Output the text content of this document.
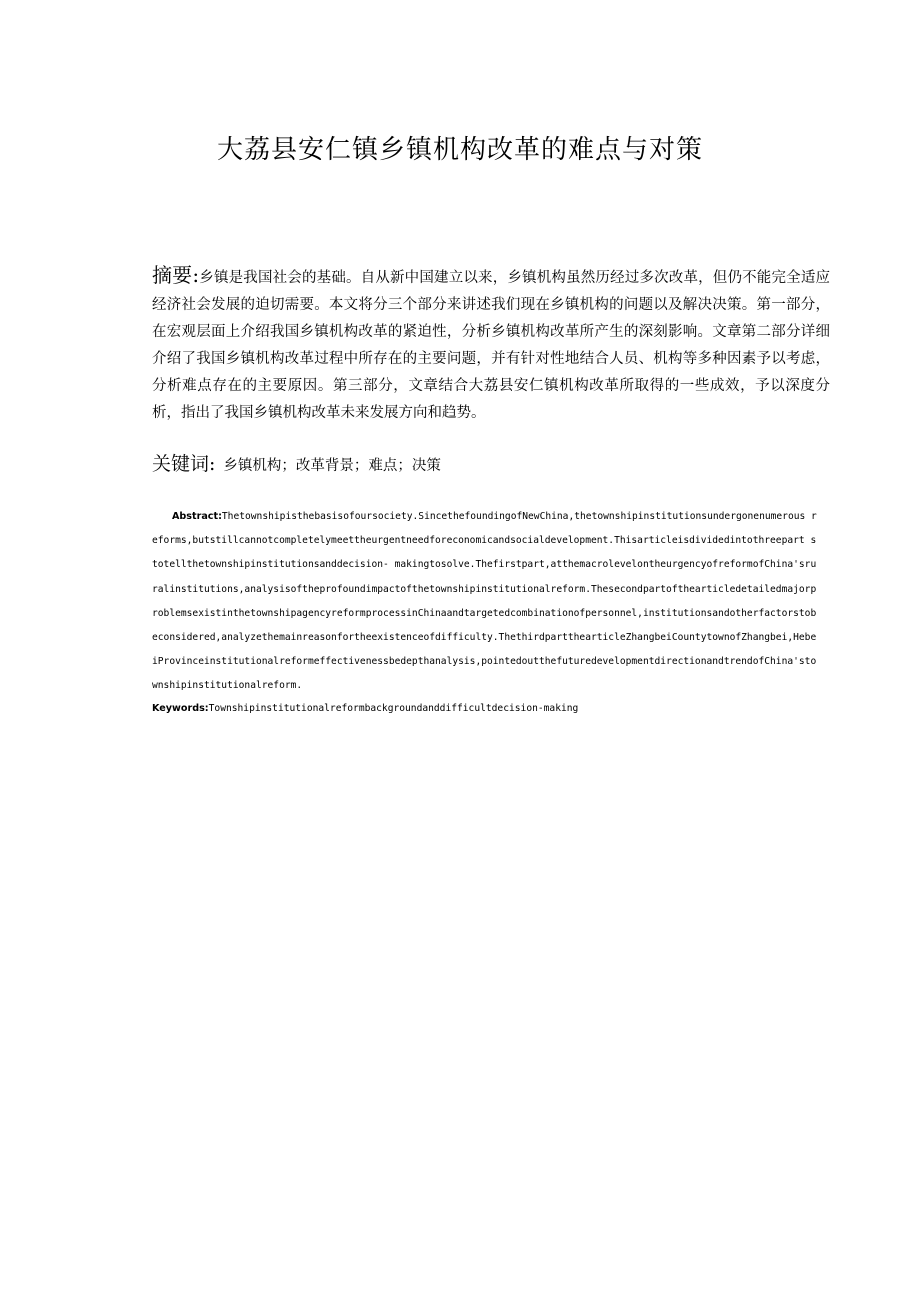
大荔县安仁镇乡镇机构改革的难点与对策

摘要:乡镇是我国社会的基础。自从新中国建立以来，乡镇机构虽然历经过多次改革，但仍不能完全适应经济社会发展的迫切需要。本文将分三个部分来讲述我们现在乡镇机构的问题以及解决决策。第一部分，在宏观层面上介绍我国乡镇机构改革的紧迫性，分析乡镇机构改革所产生的深刻影响。文章第二部分详细介绍了我国乡镇机构改革过程中所存在的主要问题，并有针对性地结合人员、机构等多种因素予以考虑，分析难点存在的主要原因。第三部分，文章结合大荔县安仁镇机构改革所取得的一些成效，予以深度分析，指出了我国乡镇机构改革未来发展方向和趋势。

关键词: 乡镇机构；改革背景；难点；决策

Abstract:Thetownshipisthebasisofoursociety.SincethefoundingofNewChina,thetownshipinstitutionsundergonenumerous reforms,butstillcannotcompletelymeettheurgentneedforeconomicandsocialdevelopment.Thisarticleisdividedintothreepart stotellthetownshipinstitutionsanddecision- makingtosolve.Thefirstpart,atthemacrolevelontheurgencyofreformofChina'sruralinstitutions,analysisoftheprofoundimpactofthetownshipinstitutionalreform.ThesecondpartofthearticledetailedmajorproblemsexistinthetownshipagencyreformprocessinChinaandtargetedcombinationofpersonnel,institutionsandotherfactorstobeconsidered,analyzethemainreasonfortheexistenceofdifficulty.ThethirdpartthearticleZhangbeiCountytownofZhangbei,HebeiProvinceinstitutionalreformeffectivenessbedepthanalysis,pointedoutthefuturedevelopmentdirectionandtrendofChina'stownshipinstitutionalreform.

Keywords:Townshipinstitutionalreformbackgroundanddifficultdecision-making
